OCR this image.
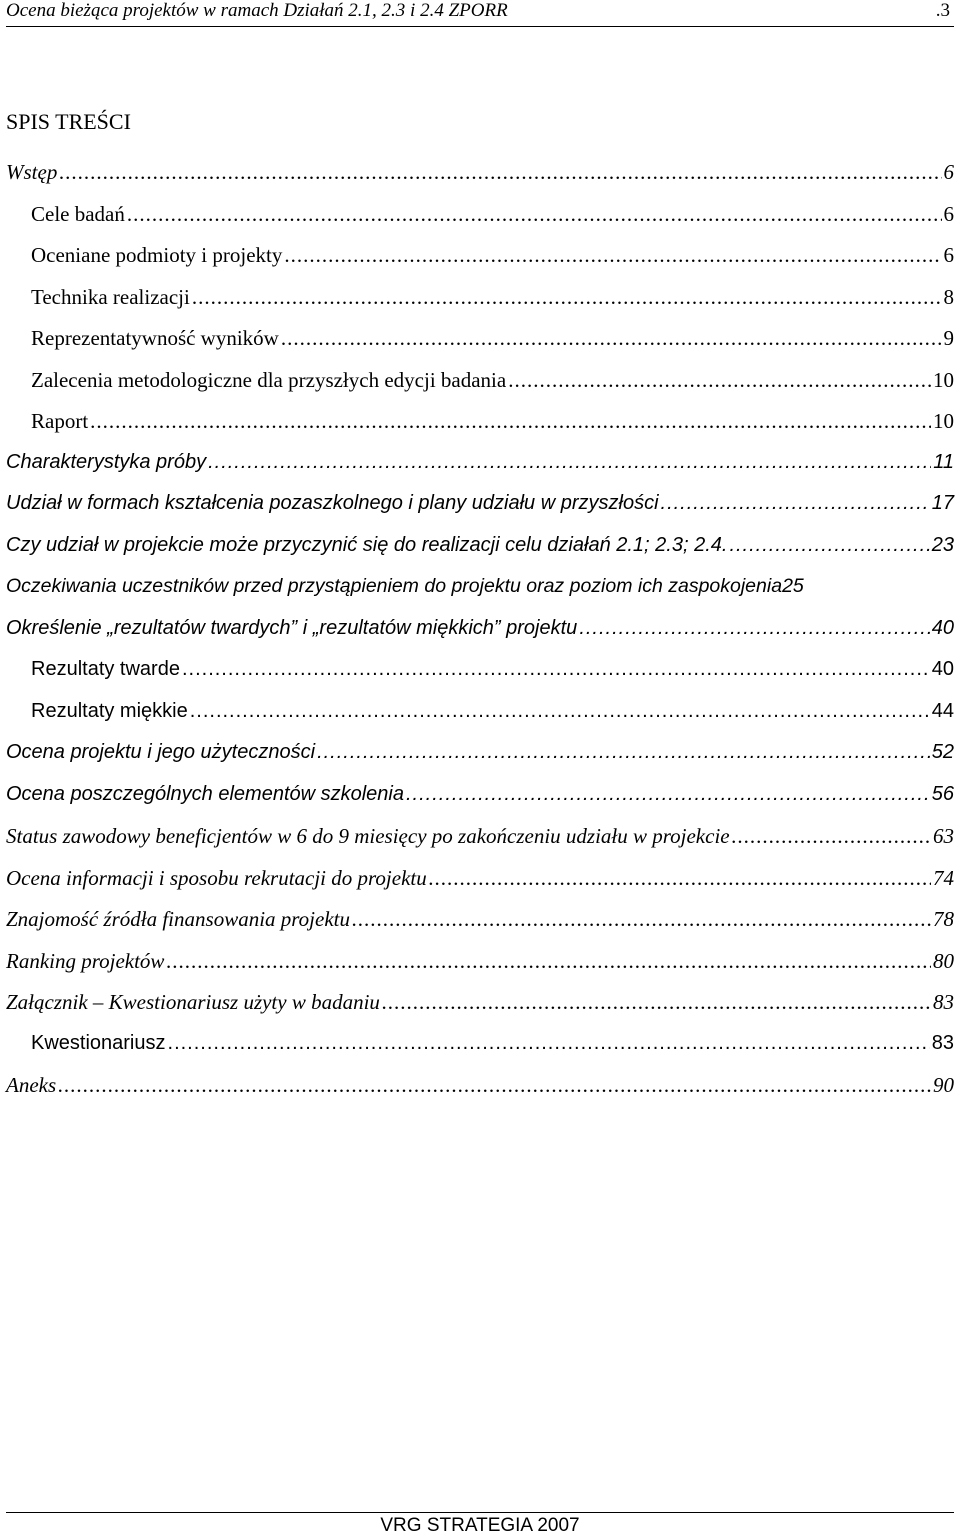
Ocena bieżąca projektów w ramach Działań 2.1, 2.3 i 2.4 ZPORR	.3
SPIS TREŚCI
Wstęp .....	6
Cele badań .....	6
Oceniane podmioty i projekty .....	6
Technika realizacji .....	8
Reprezentatywność wyników .....	9
Zalecenia metodologiczne dla przyszłych edycji badania .....	10
Raport .....	10
Charakterystyka próby .....	11
Udział w formach kształcenia pozaszkolnego i plany udziału w przyszłości .....	17
Czy udział w projekcie może przyczynić się do realizacji celu działań 2.1; 2.3; 2.4. .....	23
Oczekiwania uczestników przed przystąpieniem do projektu oraz poziom ich zaspokojenia 25
Określenie „rezultatów twardych” i „rezultatów miękkich” projektu .....	40
Rezultaty twarde .....	40
Rezultaty miękkie .....	44
Ocena projektu i jego użyteczności .....	52
Ocena poszczególnych elementów szkolenia .....	56
Status zawodowy beneficjentów w 6 do 9 miesięcy po zakończeniu udziału w projekcie .....	63
Ocena informacji i sposobu rekrutacji do projektu .....	74
Znajomość źródła finansowania projektu .....	78
Ranking projektów .....	80
Załącznik – Kwestionariusz użyty w badaniu .....	83
Kwestionariusz .....	83
Aneks .....	90
VRG STRATEGIA 2007
